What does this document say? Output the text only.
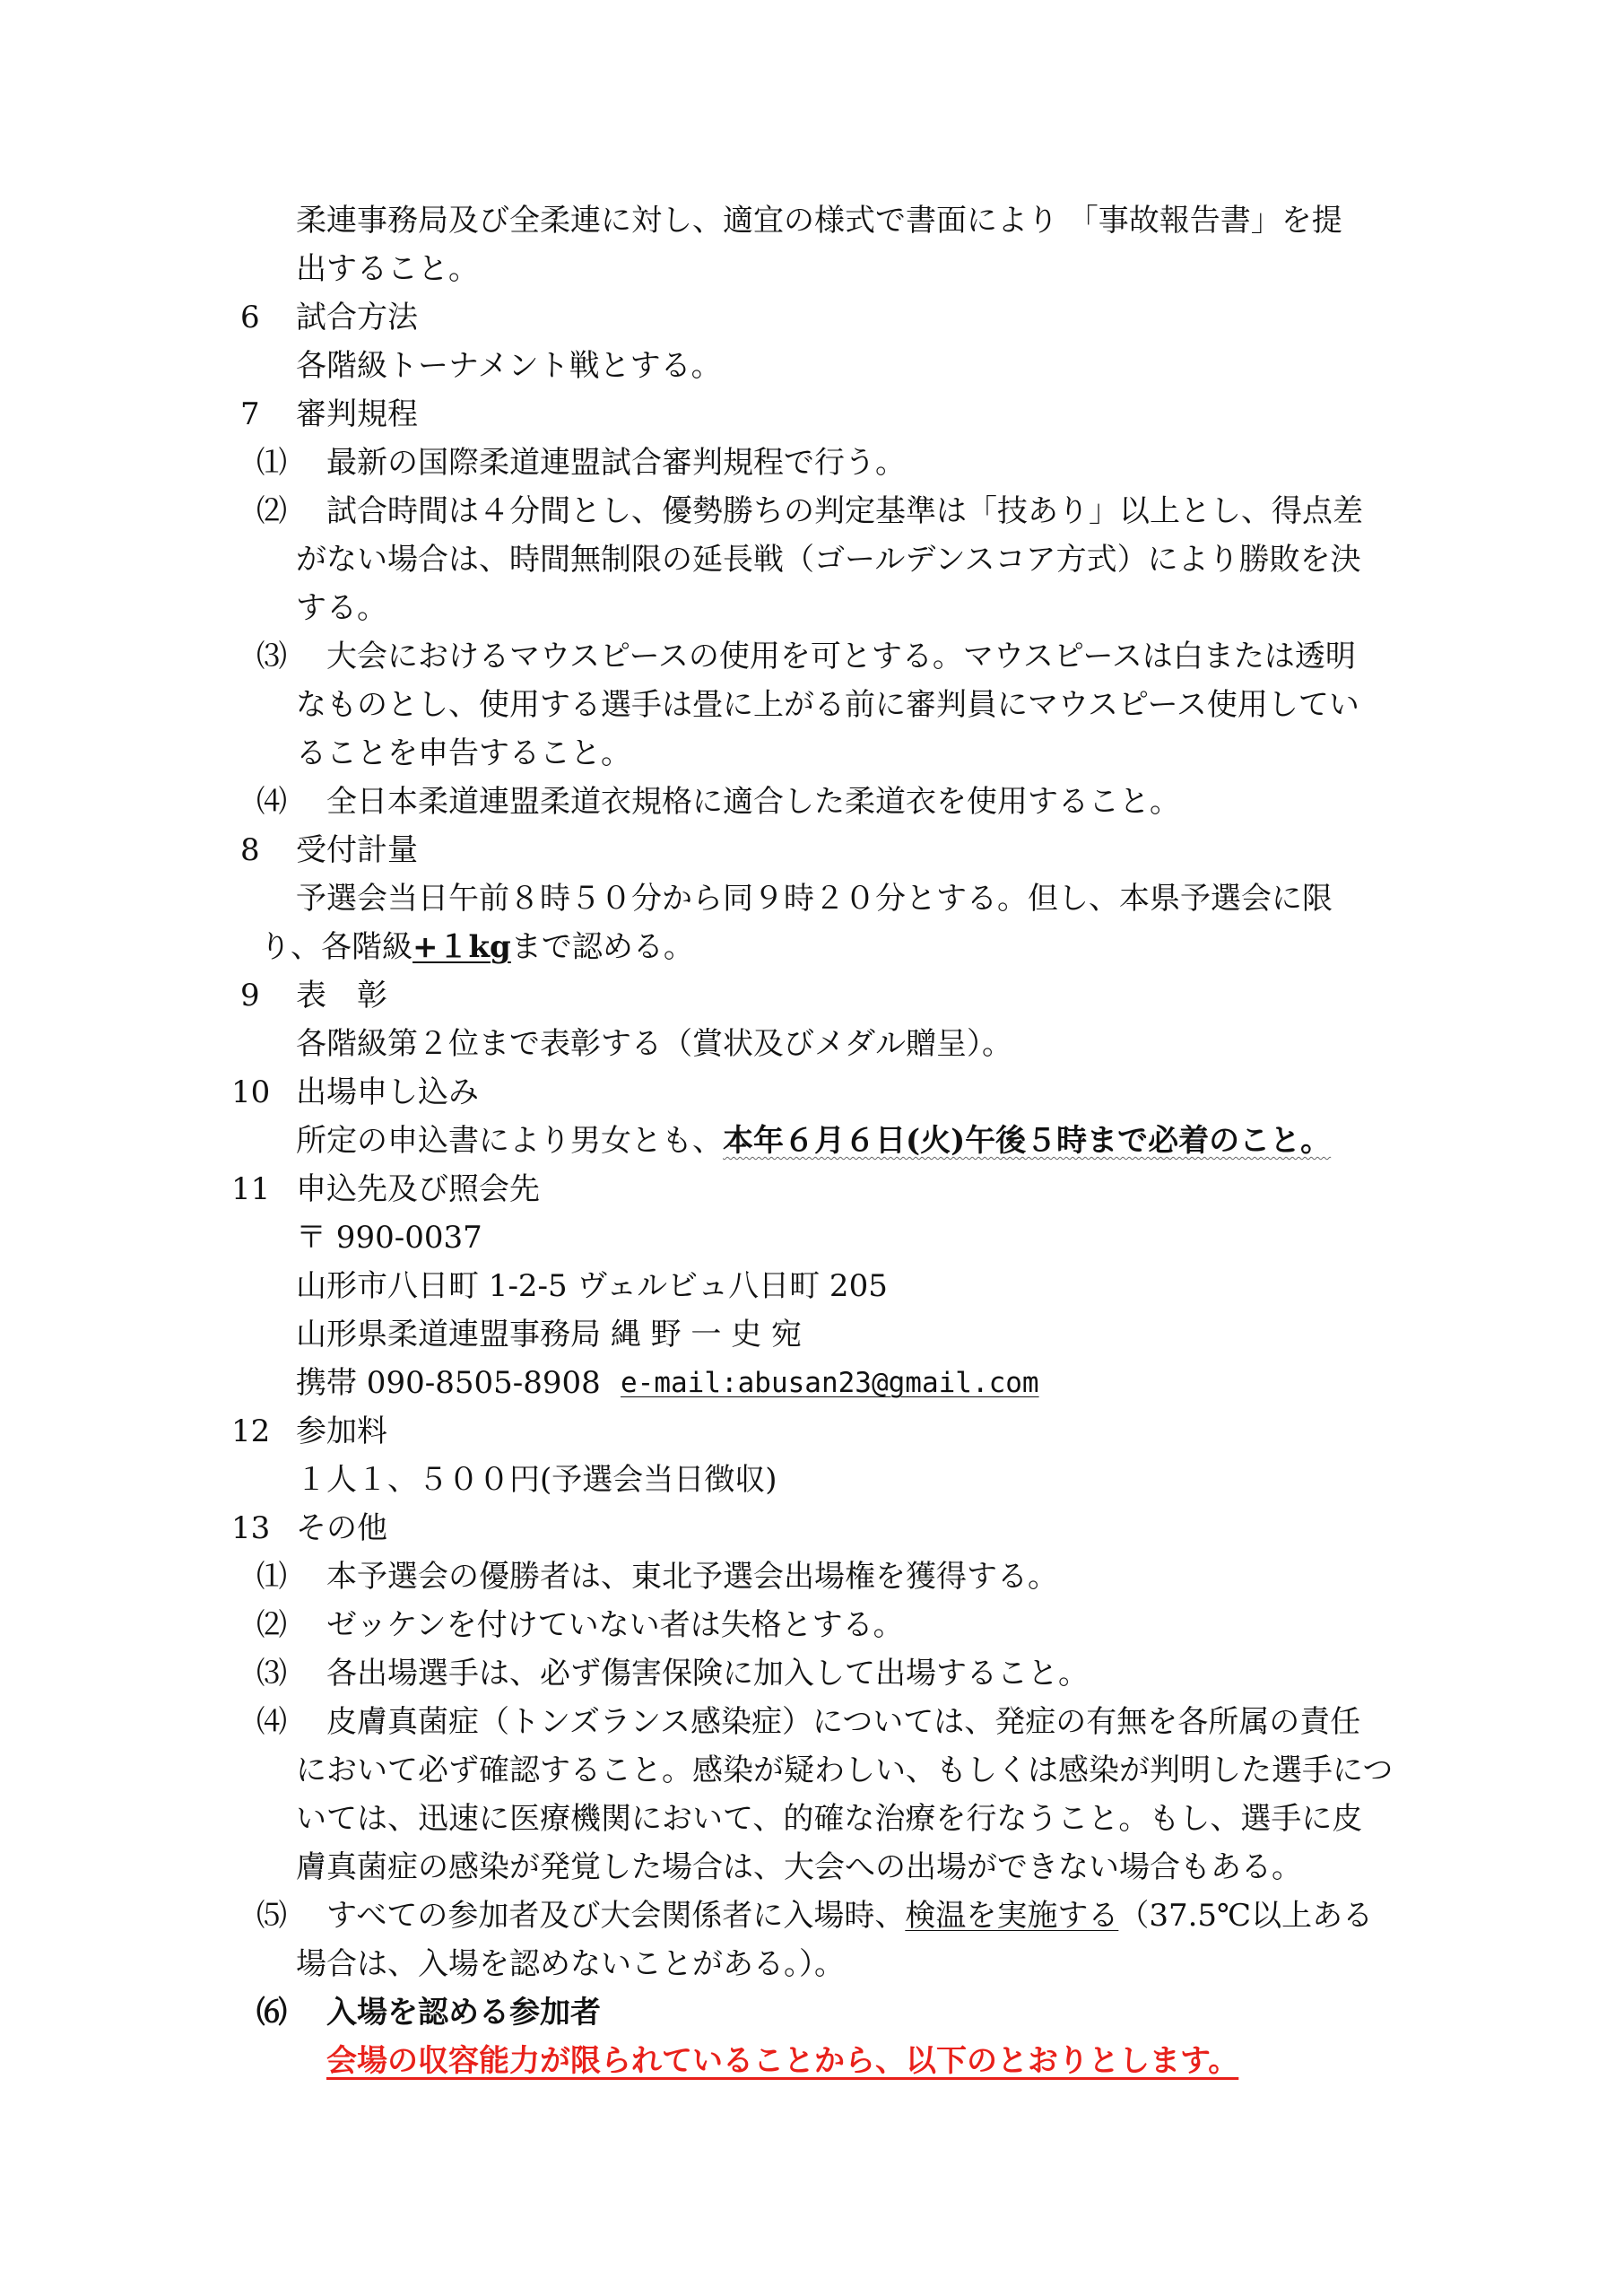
柔連事務局及び全柔連に対し、適宜の様式で書面により 「事故報告書」を提
出すること。
6 試合方法
各階級トーナメント戦とする。
7 審判規程
⑴ 最新の国際柔道連盟試合審判規程で行う。
⑵ 試合時間は４分間とし、優勢勝ちの判定基準は「技あり」以上とし、得点差
がない場合は、時間無制限の延長戦（ゴールデンスコア方式）により勝敗を決
する。
⑶ 大会におけるマウスピースの使用を可とする。マウスピースは白または透明
なものとし、使用する選手は畳に上がる前に審判員にマウスピース使用してい
ることを申告すること。
⑷ 全日本柔道連盟柔道衣規格に適合した柔道衣を使用すること。
8 受付計量
予選会当日午前８時５０分から同９時２０分とする。但し、本県予選会に限
り、各階級+１kgまで認める。
9 表　彰
各階級第２位まで表彰する（賞状及びメダル贈呈）。
10 出場申し込み
所定の申込書により男女とも、本年６月６日(火)午後５時まで必着のこと。
11 申込先及び照会先
〒 990-0037
山形市八日町 1-2-5 ヴェルビュ八日町 205
山形県柔道連盟事務局 縄 野 一 史 宛
携帯 090-8505-8908 e-mail:abusan23@gmail.com
12 参加料
１人１、５００円(予選会当日徴収)
13 その他
⑴ 本予選会の優勝者は、東北予選会出場権を獲得する。
⑵ ゼッケンを付けていない者は失格とする。
⑶ 各出場選手は、必ず傷害保険に加入して出場すること。
⑷ 皮膚真菌症（トンズランス感染症）については、発症の有無を各所属の責任
において必ず確認すること。感染が疑わしい、もしくは感染が判明した選手につ
いては、迅速に医療機関において、的確な治療を行なうこと。もし、選手に皮
膚真菌症の感染が発覚した場合は、大会への出場ができない場合もある。
⑸ すべての参加者及び大会関係者に入場時、検温を実施する（37.5℃以上ある
場合は、入場を認めないことがある。）。
⑹ 入場を認める参加者
会場の収容能力が限られていることから、以下のとおりとします。
